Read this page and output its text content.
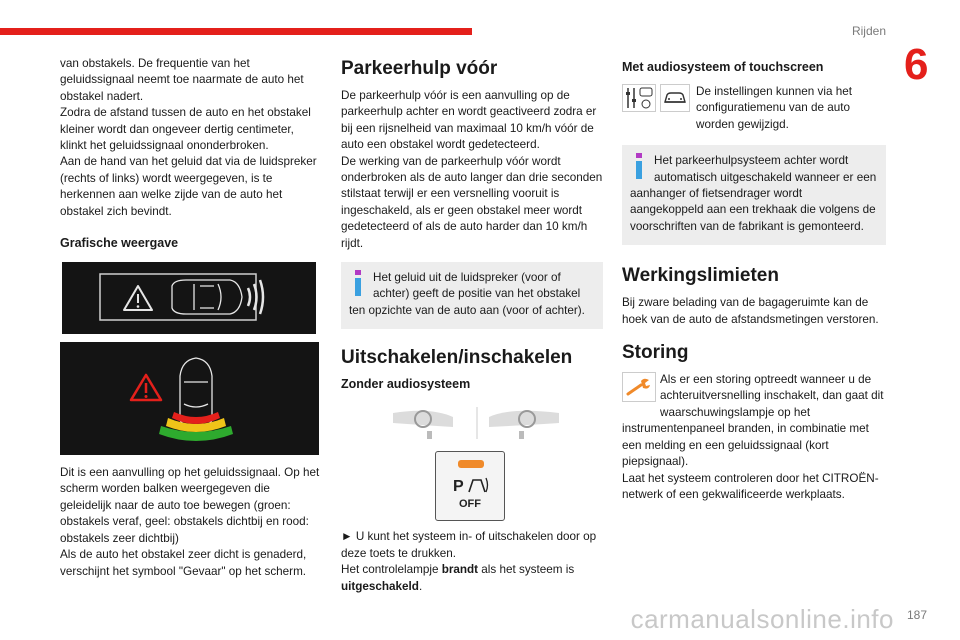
Rijden
6

van obstakels. De frequentie van het geluidssignaal neemt toe naarmate de auto het obstakel nadert.

Zodra de afstand tussen de auto en het obstakel kleiner wordt dan ongeveer dertig centimeter, klinkt het geluidssignaal ononderbroken.

Aan de hand van het geluid dat via de luidspreker (rechts of links) wordt weergegeven, is te herkennen aan welke zijde van de auto het obstakel zich bevindt.

Grafische weergave

Dit is een aanvulling op het geluidssignaal. Op het scherm worden balken weergegeven die geleidelijk naar de auto toe bewegen (groen: obstakels veraf, geel: obstakels dichtbij en rood: obstakels zeer dichtbij)

Als de auto het obstakel zeer dicht is genaderd, verschijnt het symbool "Gevaar" op het scherm.

Parkeerhulp vóór

De parkeerhulp vóór is een aanvulling op de parkeerhulp achter en wordt geactiveerd zodra er bij een rijsnelheid van maximaal 10 km/h vóór de auto een obstakel wordt gedetecteerd.

De werking van de parkeerhulp vóór wordt onderbroken als de auto langer dan drie seconden stilstaat terwijl er een versnelling vooruit is ingeschakeld, als er geen obstakel meer wordt gedetecteerd of als de auto harder dan 10 km/h rijdt.

Het geluid uit de luidspreker (voor of achter) geeft de positie van het obstakel ten opzichte van de auto aan (voor of achter).
Uitschakelen/inschakelen
Zonder audiosysteem
P
OFF

► U kunt het systeem in- of uitschakelen door op deze toets te drukken.

Het controlelampje brandt als het systeem is uitgeschakeld.

Met audiosysteem of touchscreen

De instellingen kunnen via het configuratiemenu van de auto worden gewijzigd.

Het parkeerhulpsysteem achter wordt automatisch uitgeschakeld wanneer er een aanhanger of fietsendrager wordt aangekoppeld aan een trekhaak die volgens de voorschriften van de fabrikant is gemonteerd.
Werkingslimieten

Bij zware belading van de bagageruimte kan de hoek van de auto de afstandsmetingen verstoren.

Storing

Als er een storing optreedt wanneer u de achteruitversnelling inschakelt, dan gaat dit waarschuwingslampje op het instrumentenpaneel branden, in combinatie met een melding en een geluidssignaal (kort piepsignaal).

Laat het systeem controleren door het CITROËN-netwerk of een gekwalificeerde werkplaats.

carmanualsonline.info 187
